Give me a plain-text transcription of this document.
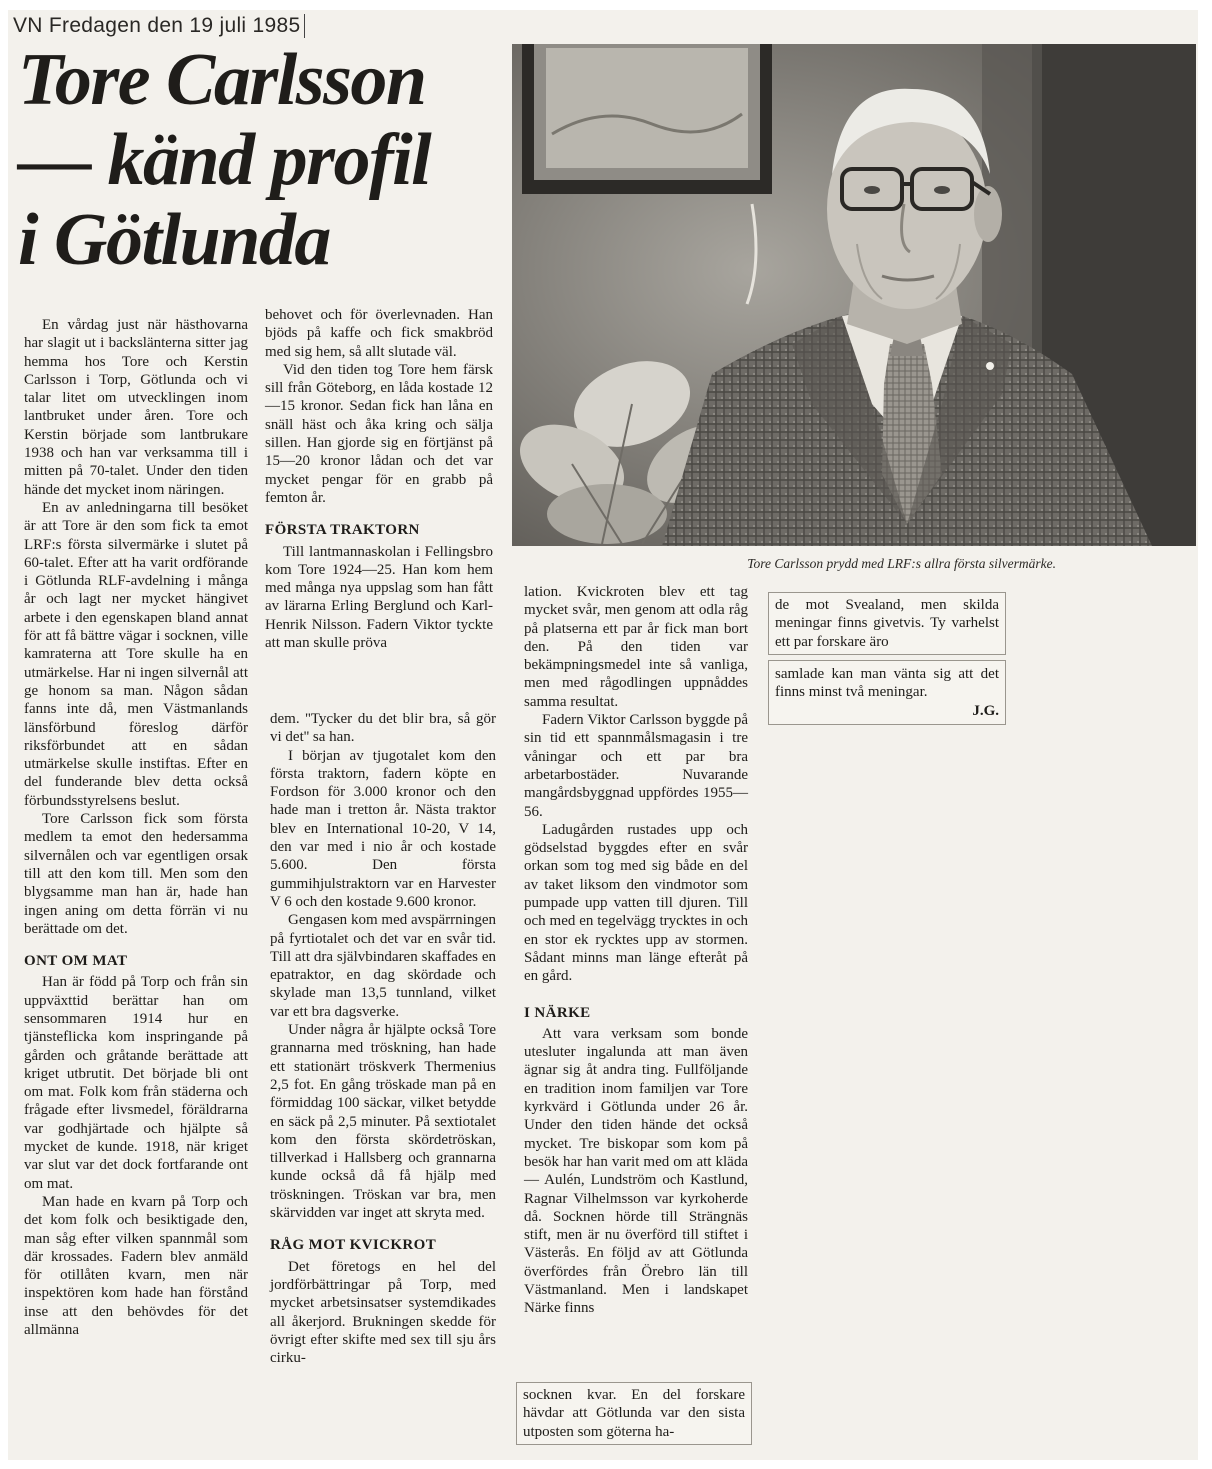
VN Fredagen den 19 juli 1985
Tore Carlsson
— känd profil
i Götlunda
Tore Carlsson prydd med LRF:s allra första silvermärke.

En vårdag just när hästhovarna har slagit ut i backslänterna sitter jag hemma hos Tore och Kerstin Carlsson i Torp, Götlunda och vi talar litet om utvecklingen inom lantbruket under åren. Tore och Kerstin började som lantbrukare 1938 och han var verksamma till i mitten på 70-talet. Under den tiden hände det mycket inom näringen.

En av anledningarna till besöket är att Tore är den som fick ta emot LRF:s första silvermärke i slutet på 60-talet. Efter att ha varit ordförande i Götlunda RLF-avdelning i många år och lagt ner mycket hängivet arbete i den egenskapen bland annat för att få bättre vägar i socknen, ville kamraterna att Tore skulle ha en utmärkelse. Har ni ingen silvernål att ge honom sa man. Någon sådan fanns inte då, men Västmanlands länsförbund föreslog därför riksförbundet att en sådan utmärkelse skulle instiftas. Efter en del funderande blev detta också förbundsstyrelsens beslut.

Tore Carlsson fick som första medlem ta emot den hedersamma silvernålen och var egentligen orsak till att den kom till. Men som den blygsamme man han är, hade han ingen aning om detta förrän vi nu berättade om det.

ONT OM MAT

Han är född på Torp och från sin uppväxttid berättar han om sensommaren 1914 hur en tjänsteflicka kom inspringande på gården och gråtande berättade att kriget utbrutit. Det började bli ont om mat. Folk kom från städerna och frågade efter livsmedel, föräldrarna var godhjärtade och hjälpte så mycket de kunde. 1918, när kriget var slut var det dock fortfarande ont om mat.

Man hade en kvarn på Torp och det kom folk och besiktigade den, man såg efter vilken spannmål som där krossades. Fadern blev anmäld för otillåten kvarn, men när inspektören kom hade han förstånd inse att den behövdes för det allmänna

behovet och för överlevnaden. Han bjöds på kaffe och fick smakbröd med sig hem, så allt slutade väl.

Vid den tiden tog Tore hem färsk sill från Göteborg, en låda kostade 12—15 kronor. Sedan fick han låna en snäll häst och åka kring och sälja sillen. Han gjorde sig en förtjänst på 15—20 kronor lådan och det var mycket pengar för en grabb på femton år.

FÖRSTA TRAKTORN

Till lantmannaskolan i Fellingsbro kom Tore 1924—25. Han kom hem med många nya uppslag som han fått av lärarna Erling Berglund och Karl-Henrik Nilsson. Fadern Viktor tyckte att man skulle pröva

dem. ''Tycker du det blir bra, så gör vi det'' sa han.

I början av tjugotalet kom den första traktorn, fadern köpte en Fordson för 3.000 kronor och den hade man i tretton år. Nästa traktor blev en International 10-20, V 14, den var med i nio år och kostade 5.600. Den första gummihjulstraktorn var en Harvester V 6 och den kostade 9.600 kronor.

Gengasen kom med avspärrningen på fyrtiotalet och det var en svår tid. Till att dra självbindaren skaffades en epatraktor, en dag skördade och skylade man 13,5 tunnland, vilket var ett bra dagsverke.

Under några år hjälpte också Tore grannarna med tröskning, han hade ett stationärt tröskverk Thermenius 2,5 fot. En gång tröskade man på en förmiddag 100 säckar, vilket betydde en säck på 2,5 minuter. På sextiotalet kom den första skördetröskan, tillverkad i Hallsberg och grannarna kunde också då få hjälp med tröskningen. Tröskan var bra, men skärvidden var inget att skryta med.

RÅG MOT KVICKROT

Det företogs en hel del jordförbättringar på Torp, med mycket arbetsinsatser systemdikades all åkerjord. Brukningen skedde för övrigt efter skifte med sex till sju års cirku-

lation. Kvickroten blev ett tag mycket svår, men genom att odla råg på platserna ett par år fick man bort den. På den tiden var bekämpningsmedel inte så vanliga, men med rågodlingen uppnåddes samma resultat.

Fadern Viktor Carlsson byggde på sin tid ett spannmålsmagasin i tre våningar och ett par bra arbetarbostäder. Nuvarande mangårdsbyggnad uppfördes 1955—56.

Ladugården rustades upp och gödselstad byggdes efter en svår orkan som tog med sig både en del av taket liksom den vindmotor som pumpade upp vatten till djuren. Till och med en tegelvägg trycktes in och en stor ek rycktes upp av stormen. Sådant minns man länge efteråt på en gård.

I NÄRKE

Att vara verksam som bonde utesluter ingalunda att man även ägnar sig åt andra ting. Fullföljande en tradition inom familjen var Tore kyrkvärd i Götlunda under 26 år. Under den tiden hände det också mycket. Tre biskopar som kom på besök har han varit med om att kläda — Aulén, Lundström och Kastlund, Ragnar Vilhelmsson var kyrkoherde då. Socknen hörde till Strängnäs stift, men är nu överförd till stiftet i Västerås. En följd av att Götlunda överfördes från Örebro län till Västmanland. Men i landskapet Närke finns

socknen kvar. En del forskare hävdar att Götlunda var den sista utposten som göterna ha-

de mot Svealand, men skilda meningar finns givetvis. Ty varhelst ett par forskare äro

samlade kan man vänta sig att det finns minst två meningar.

J.G.
